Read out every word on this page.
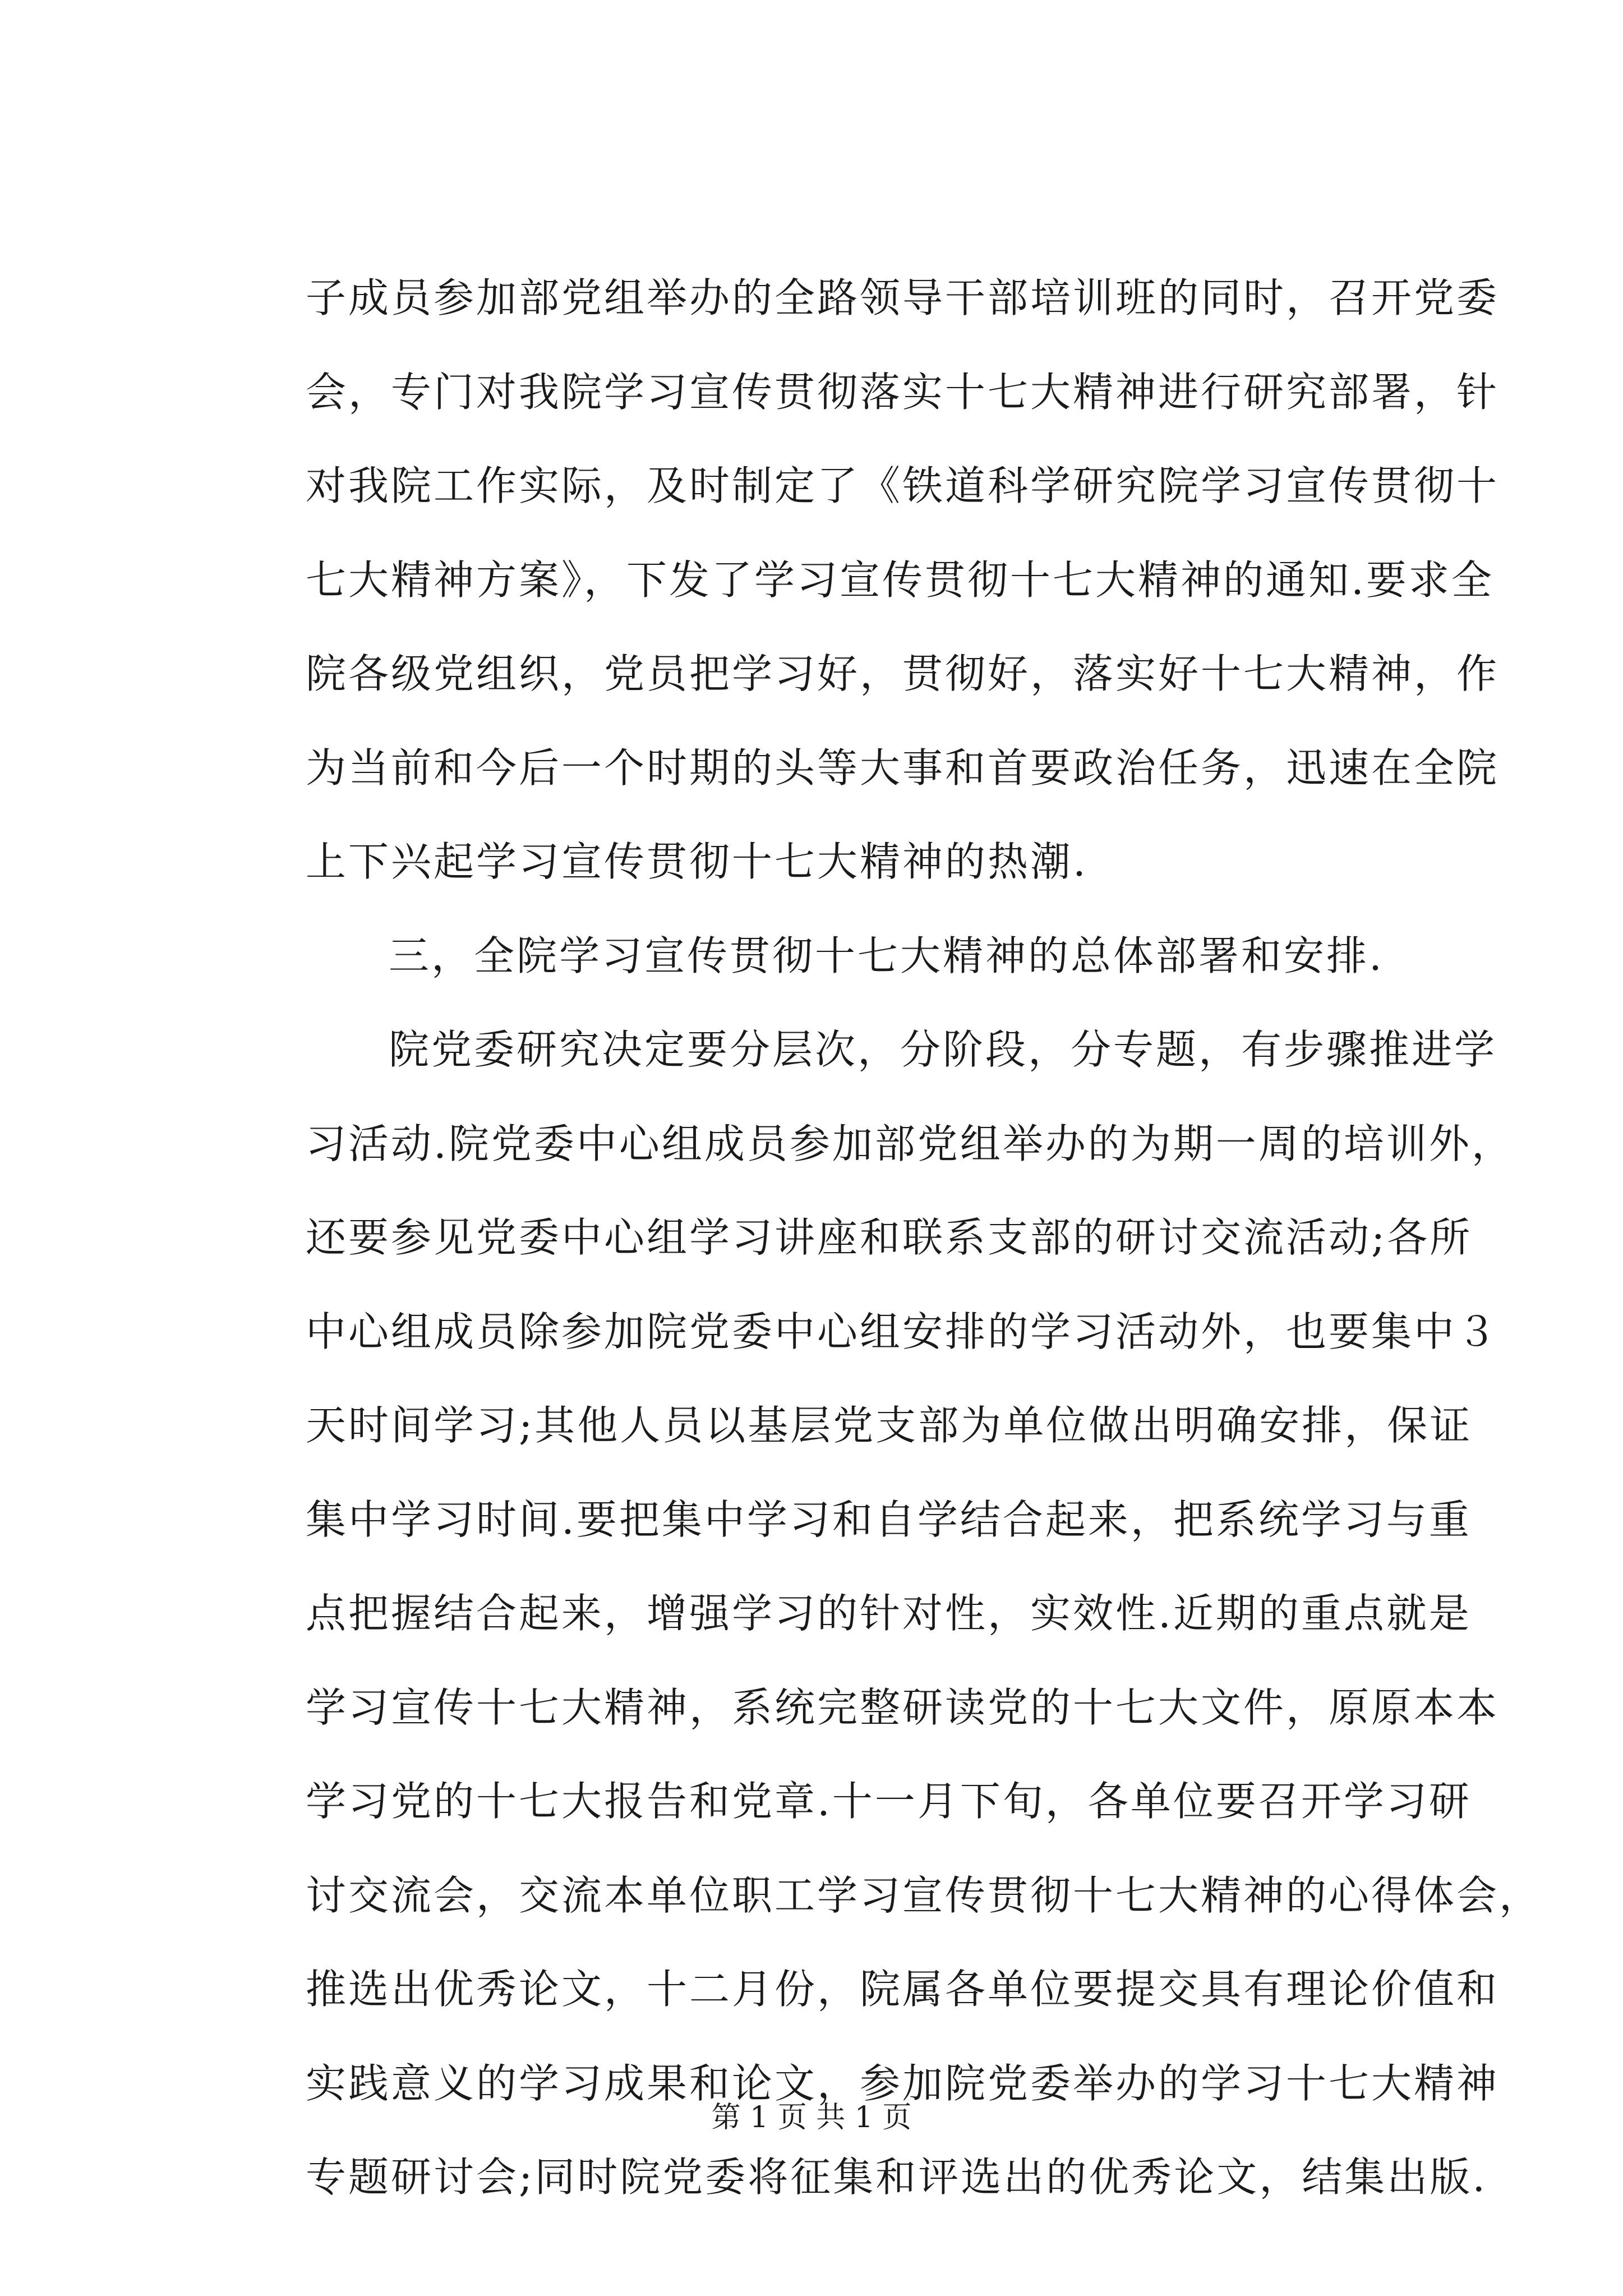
子成员参加部党组举办的全路领导干部培训班的同时，召开党委
会，专门对我院学习宣传贯彻落实十七大精神进行研究部署，针
对我院工作实际，及时制定了《铁道科学研究院学习宣传贯彻十
七大精神方案》，下发了学习宣传贯彻十七大精神的通知.要求全
院各级党组织，党员把学习好，贯彻好，落实好十七大精神，作
为当前和今后一个时期的头等大事和首要政治任务，迅速在全院
上下兴起学习宣传贯彻十七大精神的热潮.
三，全院学习宣传贯彻十七大精神的总体部署和安排.
院党委研究决定要分层次，分阶段，分专题，有步骤推进学
习活动.院党委中心组成员参加部党组举办的为期一周的培训外，
还要参见党委中心组学习讲座和联系支部的研讨交流活动;各所
中心组成员除参加院党委中心组安排的学习活动外，也要集中３
天时间学习;其他人员以基层党支部为单位做出明确安排，保证
集中学习时间.要把集中学习和自学结合起来，把系统学习与重
点把握结合起来，增强学习的针对性，实效性.近期的重点就是
学习宣传十七大精神，系统完整研读党的十七大文件，原原本本
学习党的十七大报告和党章.十一月下旬，各单位要召开学习研
讨交流会，交流本单位职工学习宣传贯彻十七大精神的心得体会，
推选出优秀论文，十二月份，院属各单位要提交具有理论价值和
实践意义的学习成果和论文，参加院党委举办的学习十七大精神
专题研讨会;同时院党委将征集和评选出的优秀论文，结集出版.
第 1 页 共 1 页
